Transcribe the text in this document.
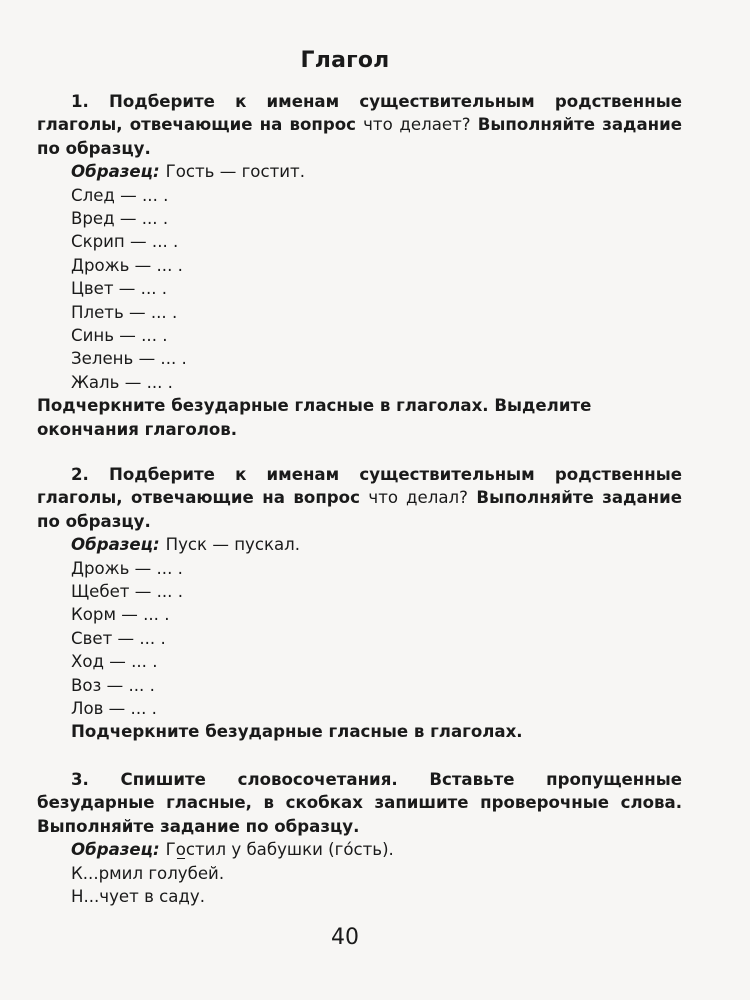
Глагол

1. Подберите к именам существительным родственные глаголы, отвечающие на вопрос что делает? Выполняйте задание по образцу.

Образец: Гость — гостит.

След — ... .

Вред — ... .

Скрип — ... .

Дрожь — ... .

Цвет — ... .

Плеть — ... .

Синь — ... .

Зелень — ... .

Жаль — ... .

Подчеркните безударные гласные в глаголах. Выделите окончания глаголов.

2. Подберите к именам существительным родственные глаголы, отвечающие на вопрос что делал? Выполняйте задание по образцу.

Образец: Пуск — пускал.

Дрожь — ... .

Щебет — ... .

Корм — ... .

Свет — ... .

Ход — ... .

Воз — ... .

Лов — ... .

Подчеркните безударные гласные в глаголах.

3. Спишите словосочетания. Вставьте пропущенные безударные гласные, в скобках запишите проверочные слова. Выполняйте задание по образцу.

Образец: Гостил у бабушки (го́сть).

К...рмил голубей.

Н...чует в саду.

40
